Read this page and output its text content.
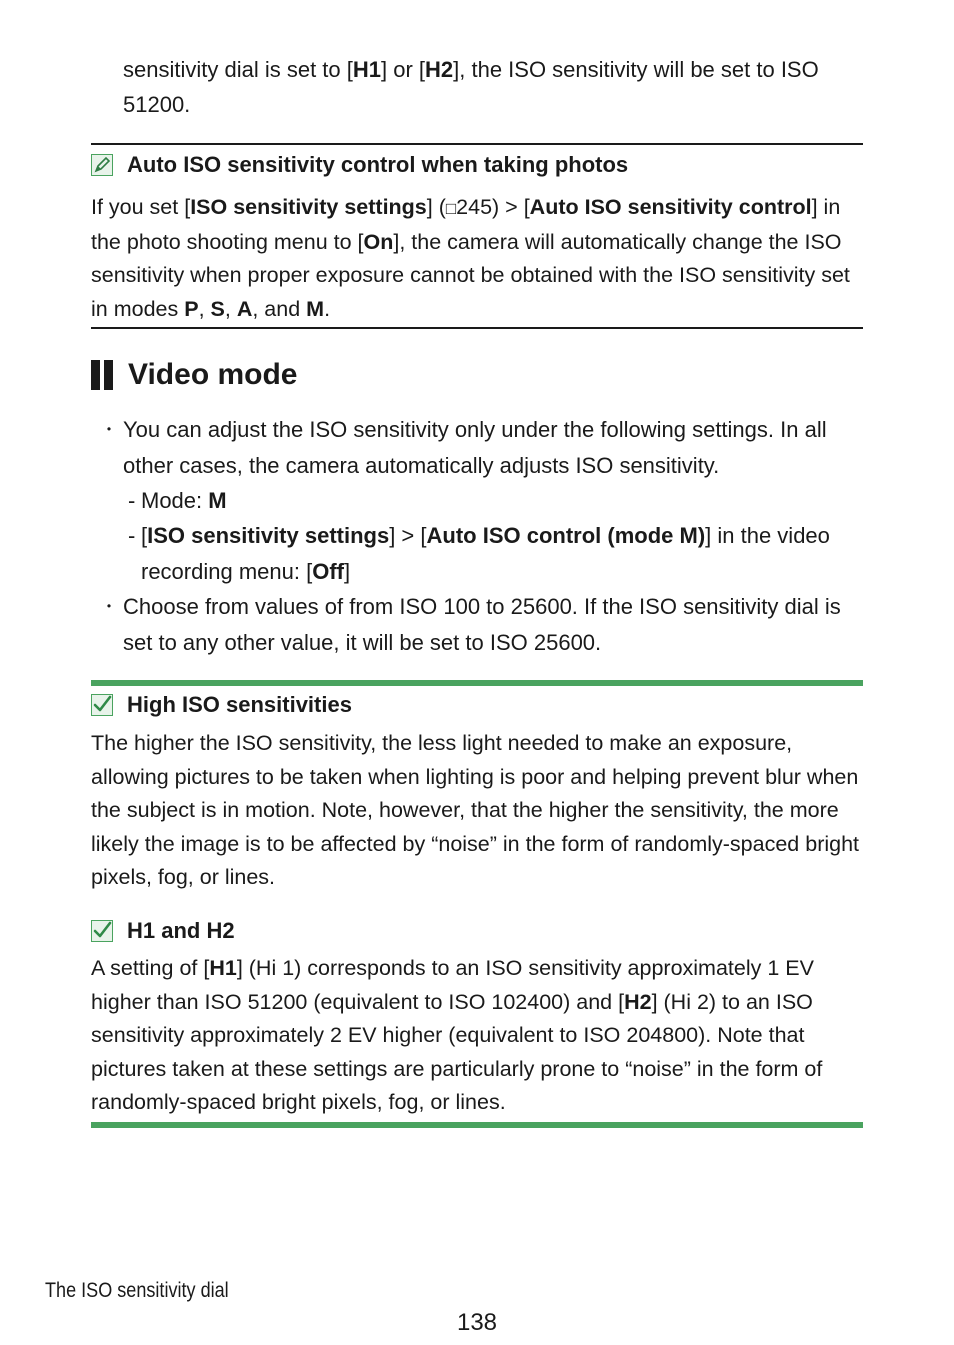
sensitivity dial is set to [H1] or [H2], the ISO sensitivity will be set to ISO 51200.
Auto ISO sensitivity control when taking photos
If you set [ISO sensitivity settings] (□245) > [Auto ISO sensitivity control] in the photo shooting menu to [On], the camera will automatically change the ISO sensitivity when proper exposure cannot be obtained with the ISO sensitivity set in modes P, S, A, and M.
Video mode
・ You can adjust the ISO sensitivity only under the following settings. In all other cases, the camera automatically adjusts ISO sensitivity.
- Mode: M
- [ISO sensitivity settings] > [Auto ISO control (mode M)] in the video recording menu: [Off]
・ Choose from values of from ISO 100 to 25600. If the ISO sensitivity dial is set to any other value, it will be set to ISO 25600.
High ISO sensitivities
The higher the ISO sensitivity, the less light needed to make an exposure, allowing pictures to be taken when lighting is poor and helping prevent blur when the subject is in motion. Note, however, that the higher the sensitivity, the more likely the image is to be affected by “noise” in the form of randomly-spaced bright pixels, fog, or lines.
H1 and H2
A setting of [H1] (Hi 1) corresponds to an ISO sensitivity approximately 1 EV higher than ISO 51200 (equivalent to ISO 102400) and [H2] (Hi 2) to an ISO sensitivity approximately 2 EV higher (equivalent to ISO 204800). Note that pictures taken at these settings are particularly prone to “noise” in the form of randomly-spaced bright pixels, fog, or lines.
The ISO sensitivity dial
138
